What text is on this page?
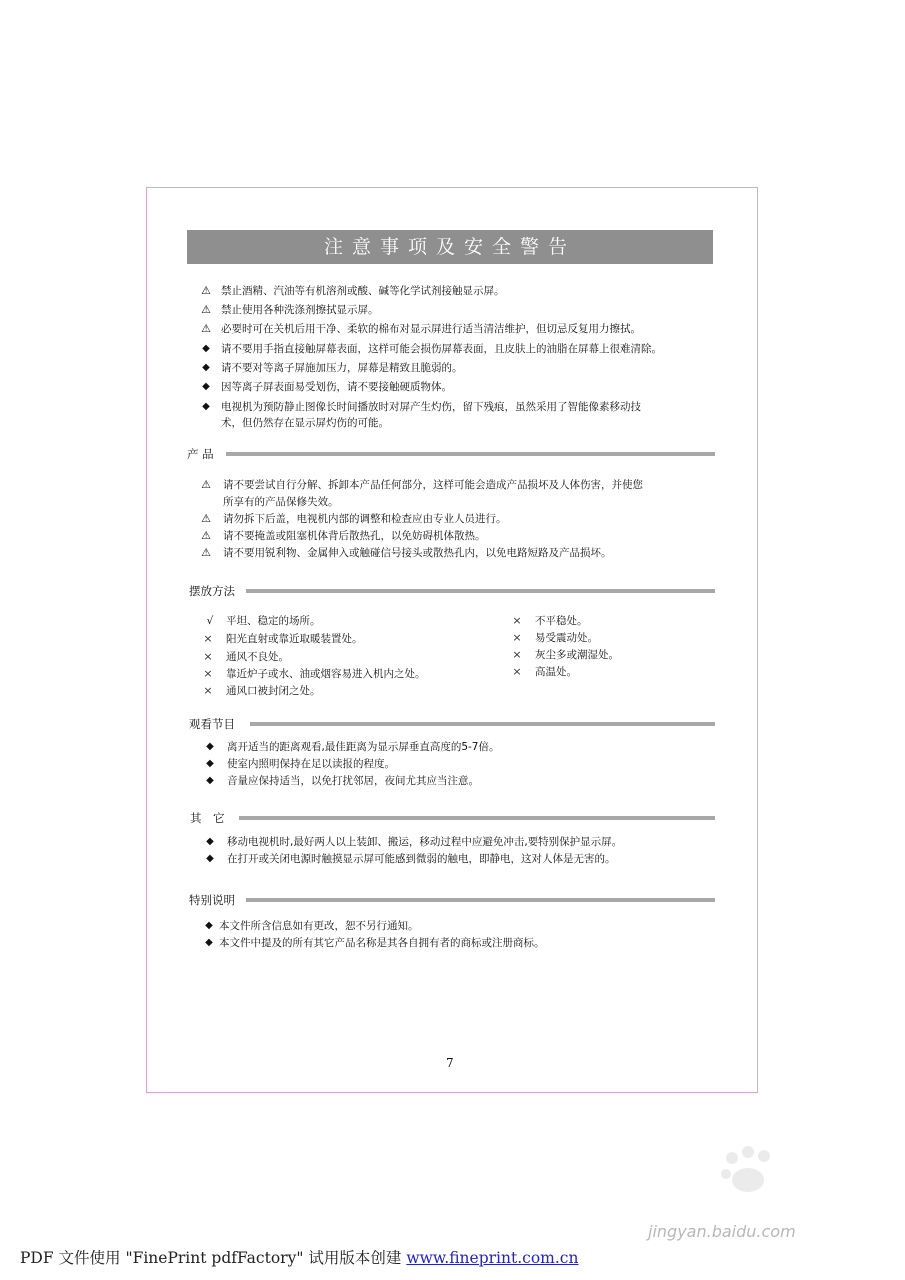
注意事项及安全警告
⚠ 禁止酒精、汽油等有机溶剂或酸、碱等化学试剂接触显示屏。
⚠ 禁止使用各种洗涤剂擦拭显示屏。
⚠ 必要时可在关机后用干净、柔软的棉布对显示屏进行适当清洁维护，但切忌反复用力擦拭。
◆	请不要用手指直接触屏幕表面，这样可能会损伤屏幕表面，且皮肤上的油脂在屏幕上很难清除。
◆	请不要对等离子屏施加压力，屏幕是精致且脆弱的。
◆	因等离子屏表面易受划伤，请不要接触硬质物体。
◆	电视机为预防静止图像长时间播放时对屏产生灼伤，留下残痕，虽然采用了智能像素移动技
术，但仍然存在显示屏灼伤的可能。
产 品
⚠ 请不要尝试自行分解、拆卸本产品任何部分，这样可能会造成产品损坏及人体伤害，并使您
所享有的产品保修失效。
⚠ 请勿拆下后盖，电视机内部的调整和检查应由专业人员进行。
⚠ 请不要掩盖或阻塞机体背后散热孔，以免妨碍机体散热。
⚠ 请不要用锐利物、金属伸入或触碰信号接头或散热孔内，以免电路短路及产品损坏。
摆放方法
√	平坦、稳定的场所。
× 阳光直射或靠近取暖装置处。
× 通风不良处。
× 靠近炉子或水、油或烟容易进入机内之处。
× 通风口被封闭之处。
× 不平稳处。
× 易受震动处。
× 灰尘多或潮湿处。
× 高温处。
观看节目
◆	离开适当的距离观看,最佳距离为显示屏垂直高度的5-7倍。
◆	使室内照明保持在足以读报的程度。
◆	音量应保持适当，以免打扰邻居，夜间尤其应当注意。
其　它
◆	移动电视机时,最好两人以上装卸、搬运，移动过程中应避免冲击,要特别保护显示屏。
◆	在打开或关闭电源时触摸显示屏可能感到微弱的触电，即静电，这对人体是无害的。
特别说明
◆ 本文件所含信息如有更改，恕不另行通知。
◆ 本文件中提及的所有其它产品名称是其各自拥有者的商标或注册商标。
7
jingyan.baidu.com
PDF 文件使用 "FinePrint pdfFactory" 试用版本创建 www.fineprint.com.cn
